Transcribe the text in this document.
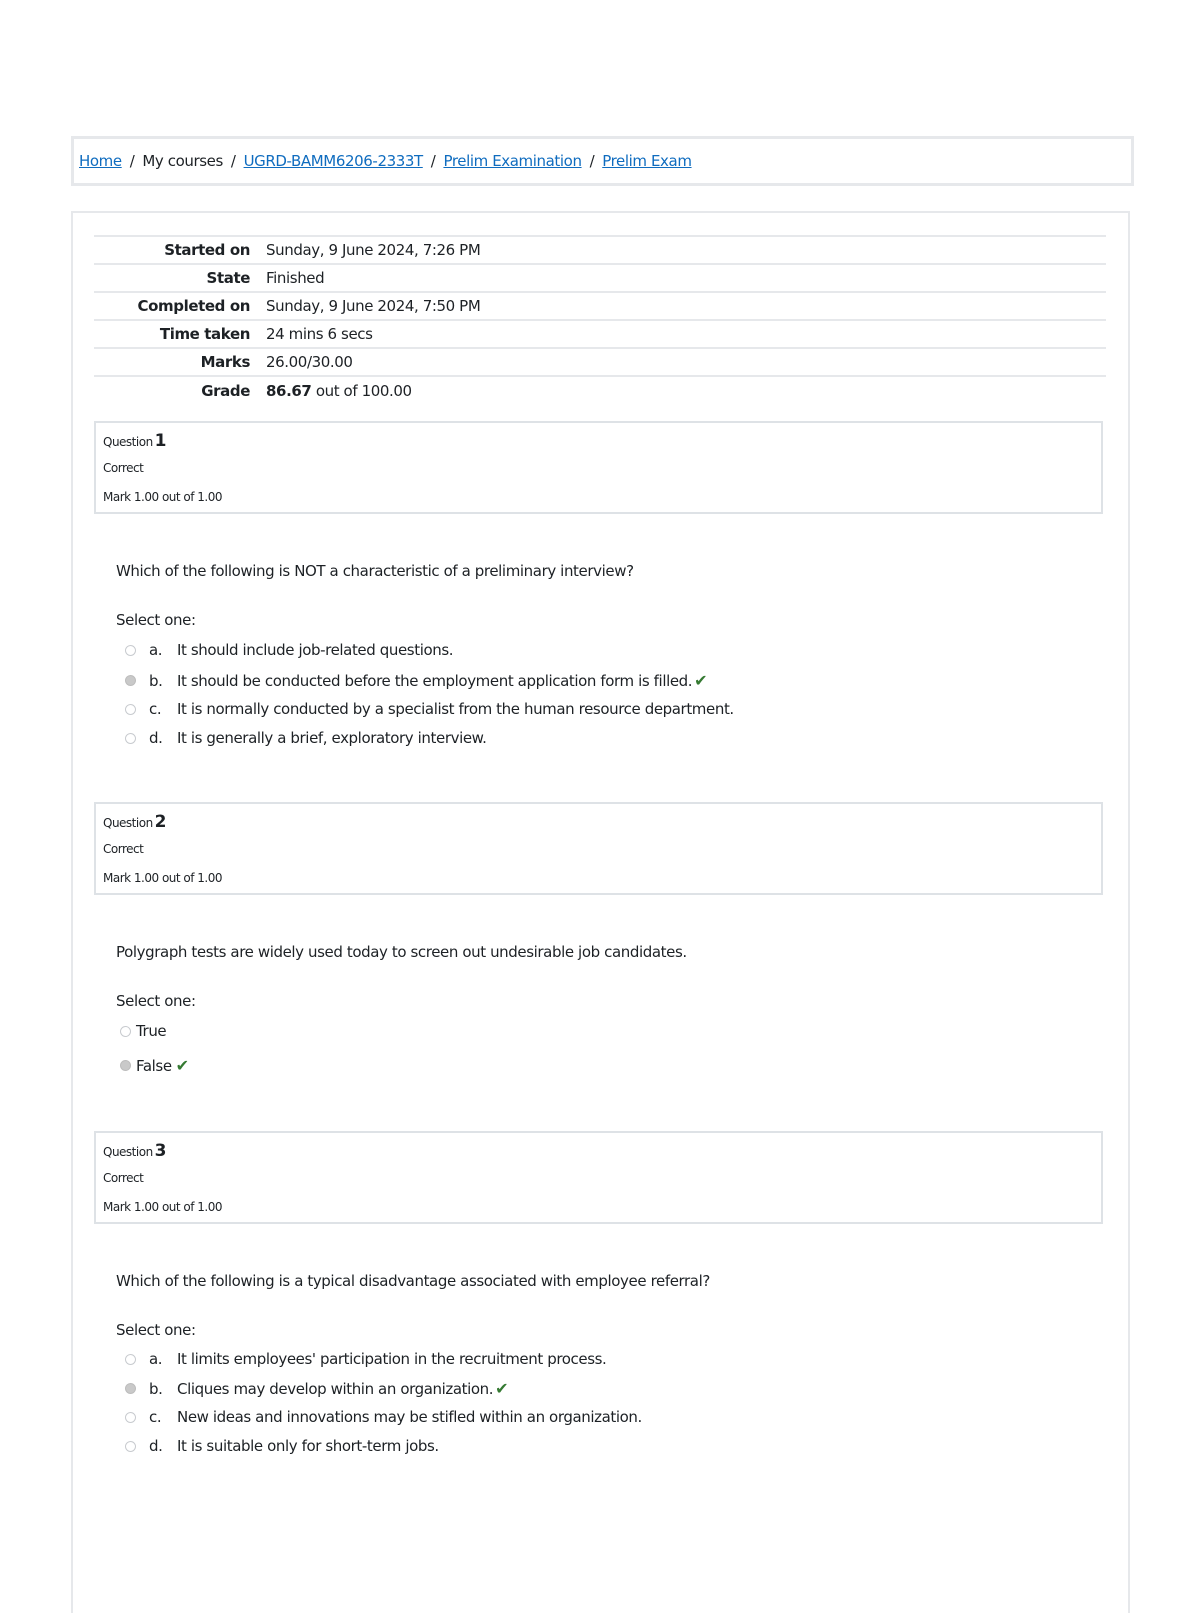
Home / My courses / UGRD-BAMM6206-2333T / Prelim Examination / Prelim Exam
Started on	Sunday, 9 June 2024, 7:26 PM
State	Finished
Completed on	Sunday, 9 June 2024, 7:50 PM
Time taken	24 mins 6 secs
Marks	26.00/30.00
Grade	86.67 out of 100.00
Question 1
Correct
Mark 1.00 out of 1.00
Which of the following is NOT a characteristic of a preliminary interview?
Select one:
a. It should include job-related questions.
b. It should be conducted before the employment application form is filled. ✔
c.	It is normally conducted by a specialist from the human resource department.
d. It is generally a brief, exploratory interview.
Question 2
Correct
Mark 1.00 out of 1.00
Polygraph tests are widely used today to screen out undesirable job candidates.
Select one:
True
False ✔
Question 3
Correct
Mark 1.00 out of 1.00
Which of the following is a typical disadvantage associated with employee referral?
Select one:
a. It limits employees' participation in the recruitment process.
b. Cliques may develop within an organization. ✔
c.	New ideas and innovations may be stifled within an organization.
d. It is suitable only for short-term jobs.
